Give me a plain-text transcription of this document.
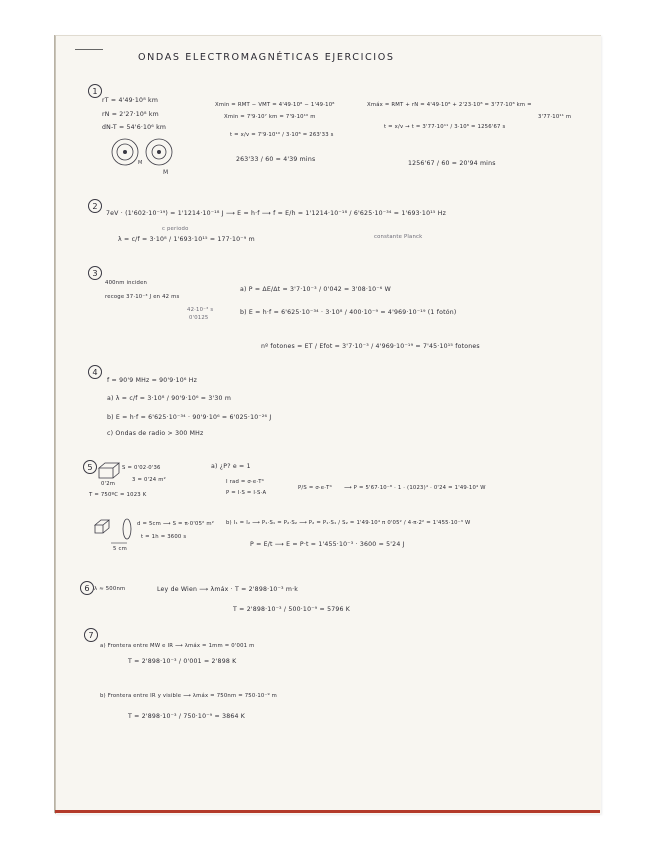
ONDAS ELECTROMAGNÉTICAS EJERCICIOS
1
rT = 4'49·10⁸ km
rN = 2'27·10⁸ km
dN-T = 54'6·10⁶ km
M
M
Xmin = RMT − VMT = 4'49·10⁸ − 1'49·10⁸
Xmin = 7'9·10⁷ km = 7'9·10¹⁰ m
t = x/v = 7'9·10¹⁰ / 3·10⁸ = 263'33 s
263'33 / 60 = 4'39 mins
Xmáx = RMT + rN = 4'49·10⁸ + 2'23·10⁸ = 3'77·10⁸ km =
3'77·10¹¹ m
t = x/v → t = 3'77·10¹¹ / 3·10⁸ = 1256'67 s
1256'67 / 60 = 20'94 mins
2
7eV · (1'602·10⁻¹⁹) = 1'1214·10⁻¹⁸ J ⟶ E = h·f ⟶ f = E/h = 1'1214·10⁻¹⁸ / 6'625·10⁻³⁴ = 1'693·10¹⁵ Hz
λ = c/f = 3·10⁸ / 1'693·10¹⁵ = 177·10⁻⁹ m
c periodo
constante Planck
3
400nm inciden
recoge 37·10⁻³ J en 42 ms
42·10⁻³ s
0'0125
a) P = ΔE/Δt = 3'7·10⁻³ / 0'042 = 3'08·10⁻⁶ W
b) E = h·f = 6'625·10⁻³⁴ · 3·10⁸ / 400·10⁻⁹ = 4'969·10⁻¹⁹ (1 fotón)
nº fotones = ET / Efot = 3'7·10⁻³ / 4'969·10⁻¹⁹ = 7'45·10¹⁵ fotones
4
f = 90'9 MHz = 90'9·10⁶ Hz
a) λ = c/f = 3·10⁸ / 90'9·10⁶ = 3'30 m
b) E = h·f = 6'625·10⁻³⁴ · 90'9·10⁶ = 6'025·10⁻²⁶ J
c) Ondas de radio > 300 MHz
5	S = 0'02·0'36
0'2m
3 = 0'24 m²
T = 750ºC = 1023 K
a) ¿P? e = 1
I rad = σ·e·T⁴
P = I·S = I·S·A
P/S = σ·e·T⁴ ⟶ P = 5'67·10⁻⁸ · 1 · (1023)⁴ · 0'24 = 1'49·10⁴ W
5 cm
d = 5cm ⟶ S = π·0'05² m²
t = 1h = 3600 s
b) I₁ = I₂ ⟶ P₁·S₁ = P₂·S₂ ⟶ P₂ = P₁·S₁ / S₂ = 1'49·10⁴ π 0'05² / 4·π·2² = 1'455·10⁻³ W
P = E/t ⟶ E = P·t = 1'455·10⁻³ · 3600 = 5'24 J
6 λ ≈ 500nm	Ley de Wien ⟶ λmáx · T = 2'898·10⁻³ m·k
T = 2'898·10⁻³ / 500·10⁻⁹ = 5796 K
7
a) Frontera entre MW e IR ⟶ λmáx = 1mm = 0'001 m
T = 2'898·10⁻³ / 0'001 = 2'898 K
b) Frontera entre IR y visible ⟶ λmáx = 750nm = 750·10⁻⁹ m
T = 2'898·10⁻³ / 750·10⁻⁹ = 3864 K
